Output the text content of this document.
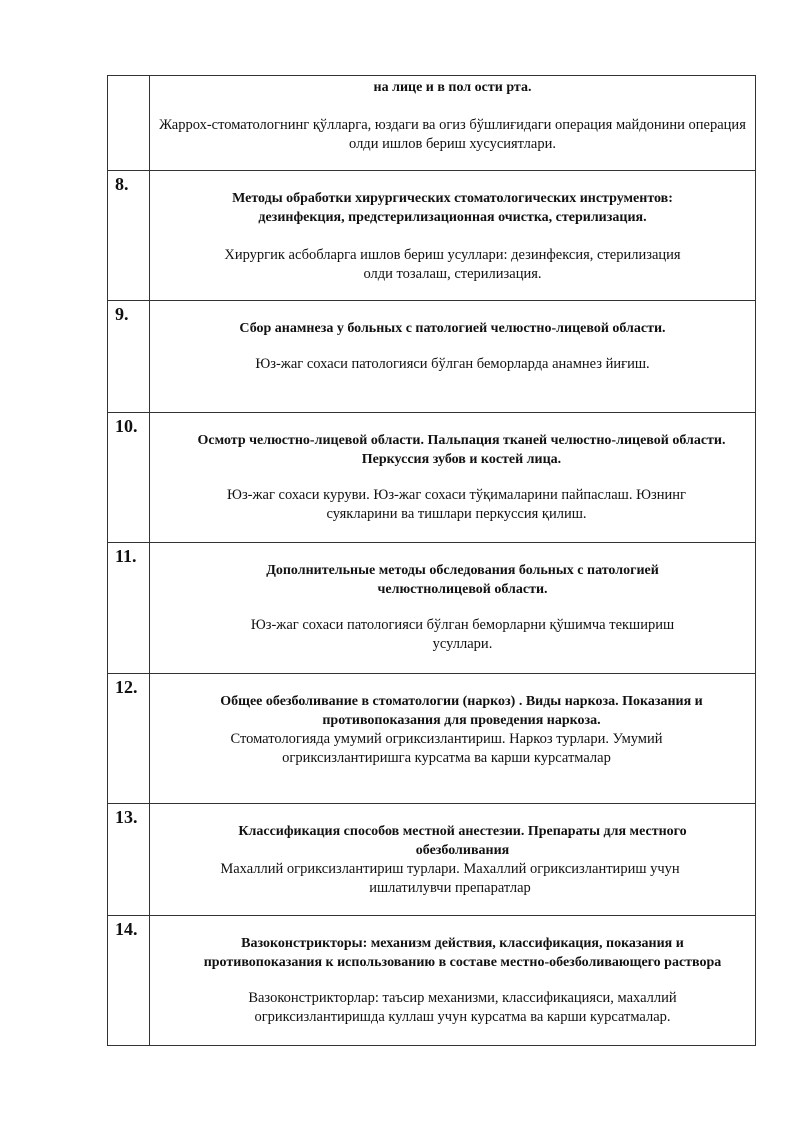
на лице и в пол ости рта.
Жаррох-стоматологнинг қўлларга, юздаги ва огиз бўшлиғидаги операция майдонини операция олди ишлов бериш хусусиятлари.
8.
Методы обработки хирургических стоматологических инструментов: дезинфекция, предстерилизационная очистка, стерилизация.
Хирургик асбобларга ишлов бериш усуллари: дезинфексия, стерилизация олди тозалаш, стерилизация.
9.
Сбор анамнеза у больных с патологией челюстно-лицевой области.
Юз-жаг сохаси патологияси бўлган беморларда анамнез йиғиш.
10.
Осмотр челюстно-лицевой области. Пальпация тканей челюстно-лицевой области. Перкуссия зубов и костей лица.
Юз-жаг сохаси куруви. Юз-жаг сохаси тўқималарини пайпаслаш. Юзнинг суякларини ва тишлари перкуссия қилиш.
11.
Дополнительные методы обследования больных с патологией челюстнолицевой области.
Юз-жаг сохаси патологияси бўлган беморларни қўшимча текшириш усуллари.
12.
Общее обезболивание в стоматологии (наркоз) . Виды наркоза. Показания и противопоказания для проведения наркоза.
Стоматологияда умумий огриксизлантириш. Наркоз турлари. Умумий огриксизлантиришга курсатма ва карши курсатмалар
13.
Классификация способов местной анестезии. Препараты для местного обезболивания
Махаллий огриксизлантириш турлари. Махаллий огриксизлантириш учун ишлатилувчи препаратлар
14.
Вазоконстрикторы: механизм действия, классификация, показания и противопоказания к использованию в составе местно-обезболивающего раствора
Вазоконстрикторлар: таъсир механизми, классификацияси, махаллий огриксизлантиришда куллаш учун курсатма ва карши курсатмалар.
